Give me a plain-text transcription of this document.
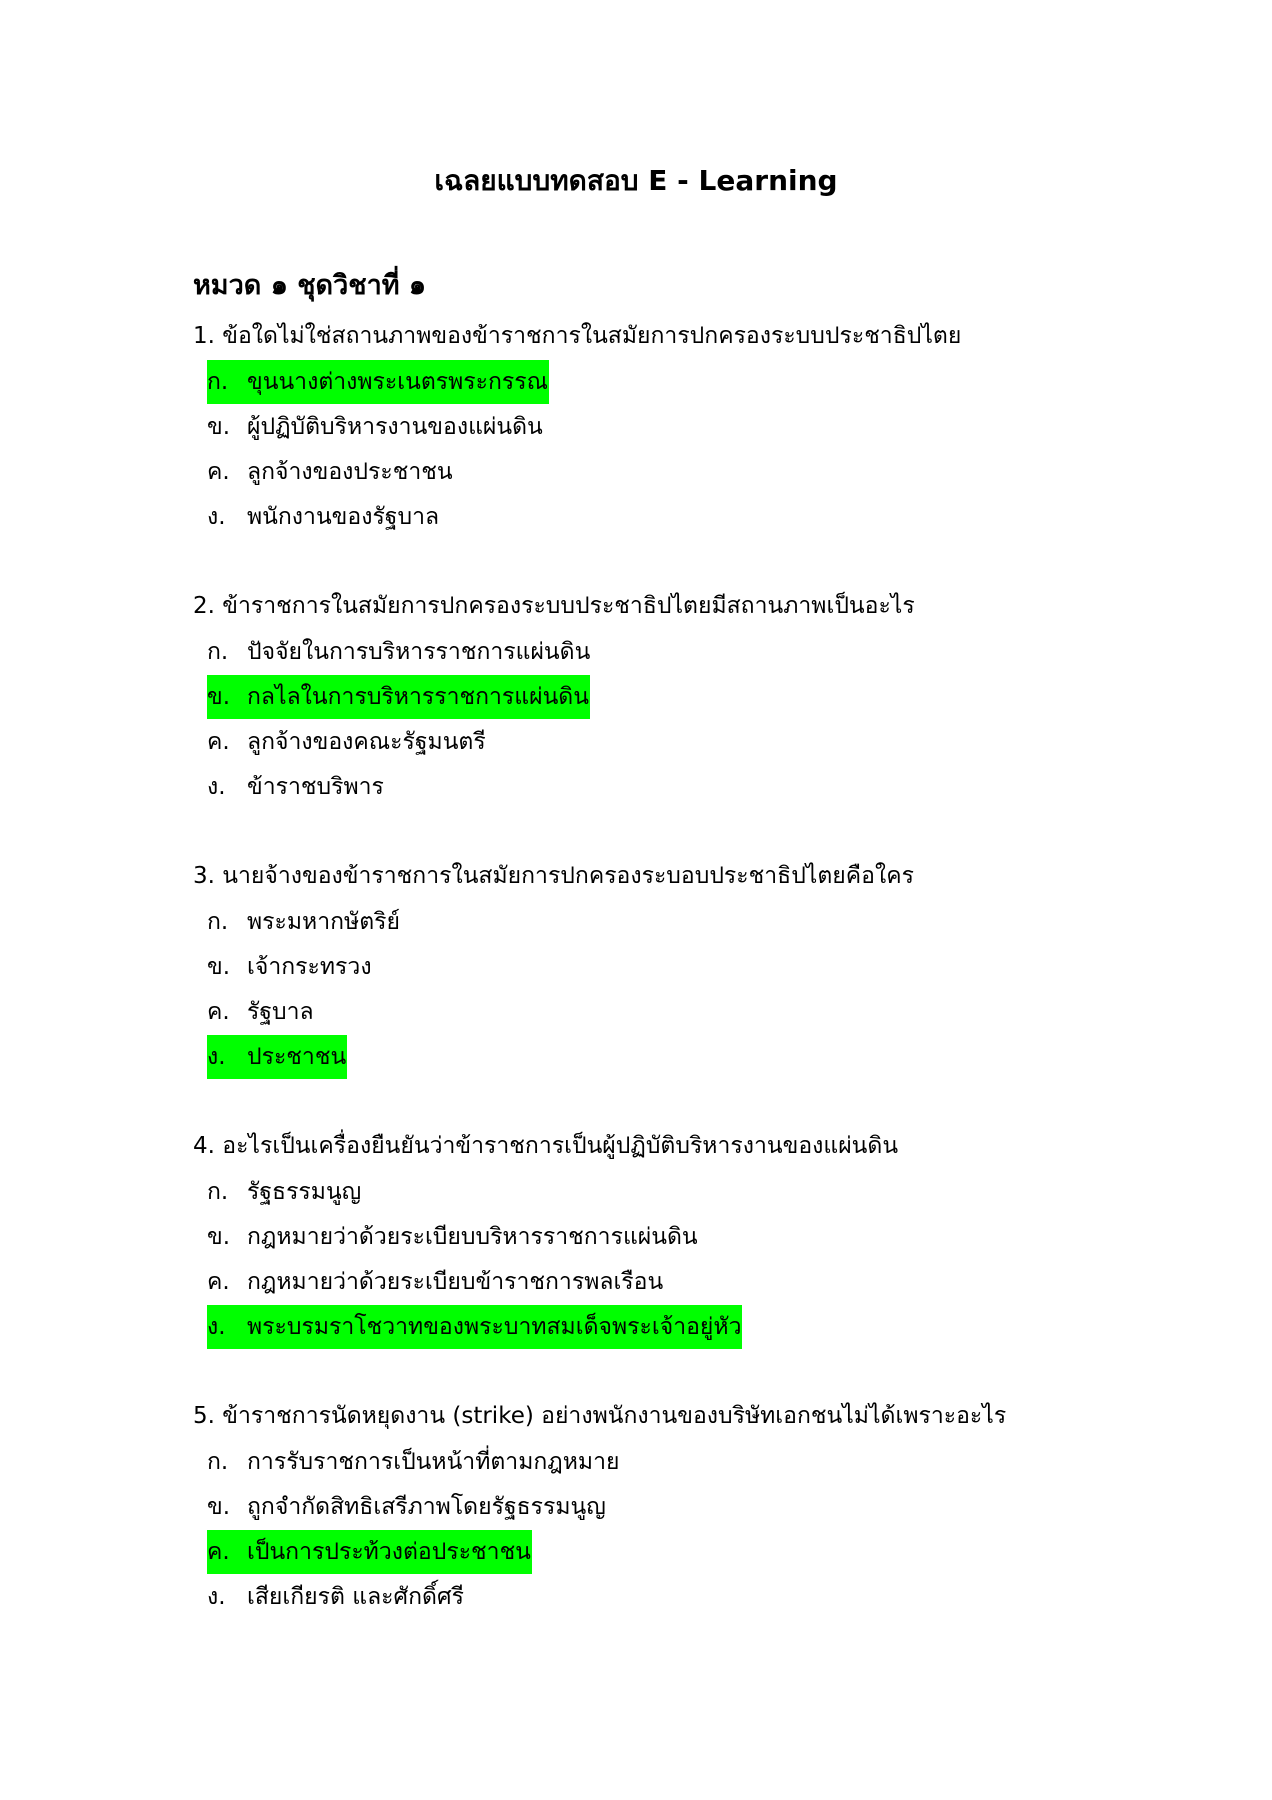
เฉลยแบบทดสอบ E - Learning
หมวด ๑ ชุดวิชาที่ ๑
1. ข้อใดไม่ใช่สถานภาพของข้าราชการในสมัยการปกครองระบบประชาธิปไตย
ก. ขุนนางต่างพระเนตรพระกรรณ
ข. ผู้ปฏิบัติบริหารงานของแผ่นดิน
ค. ลูกจ้างของประชาชน
ง. พนักงานของรัฐบาล
2. ข้าราชการในสมัยการปกครองระบบประชาธิปไตยมีสถานภาพเป็นอะไร
ก. ปัจจัยในการบริหารราชการแผ่นดิน
ข. กลไลในการบริหารราชการแผ่นดิน
ค. ลูกจ้างของคณะรัฐมนตรี
ง. ข้าราชบริพาร
3. นายจ้างของข้าราชการในสมัยการปกครองระบอบประชาธิปไตยคือใคร
ก. พระมหากษัตริย์
ข. เจ้ากระทรวง
ค. รัฐบาล
ง. ประชาชน
4. อะไรเป็นเครื่องยืนยันว่าข้าราชการเป็นผู้ปฏิบัติบริหารงานของแผ่นดิน
ก. รัฐธรรมนูญ
ข. กฎหมายว่าด้วยระเบียบบริหารราชการแผ่นดิน
ค. กฎหมายว่าด้วยระเบียบข้าราชการพลเรือน
ง. พระบรมราโชวาทของพระบาทสมเด็จพระเจ้าอยู่หัว
5. ข้าราชการนัดหยุดงาน (strike) อย่างพนักงานของบริษัทเอกชนไม่ได้เพราะอะไร
ก. การรับราชการเป็นหน้าที่ตามกฎหมาย
ข. ถูกจำกัดสิทธิเสรีภาพโดยรัฐธรรมนูญ
ค. เป็นการประท้วงต่อประชาชน
ง. เสียเกียรติ และศักดิ์ศรี
